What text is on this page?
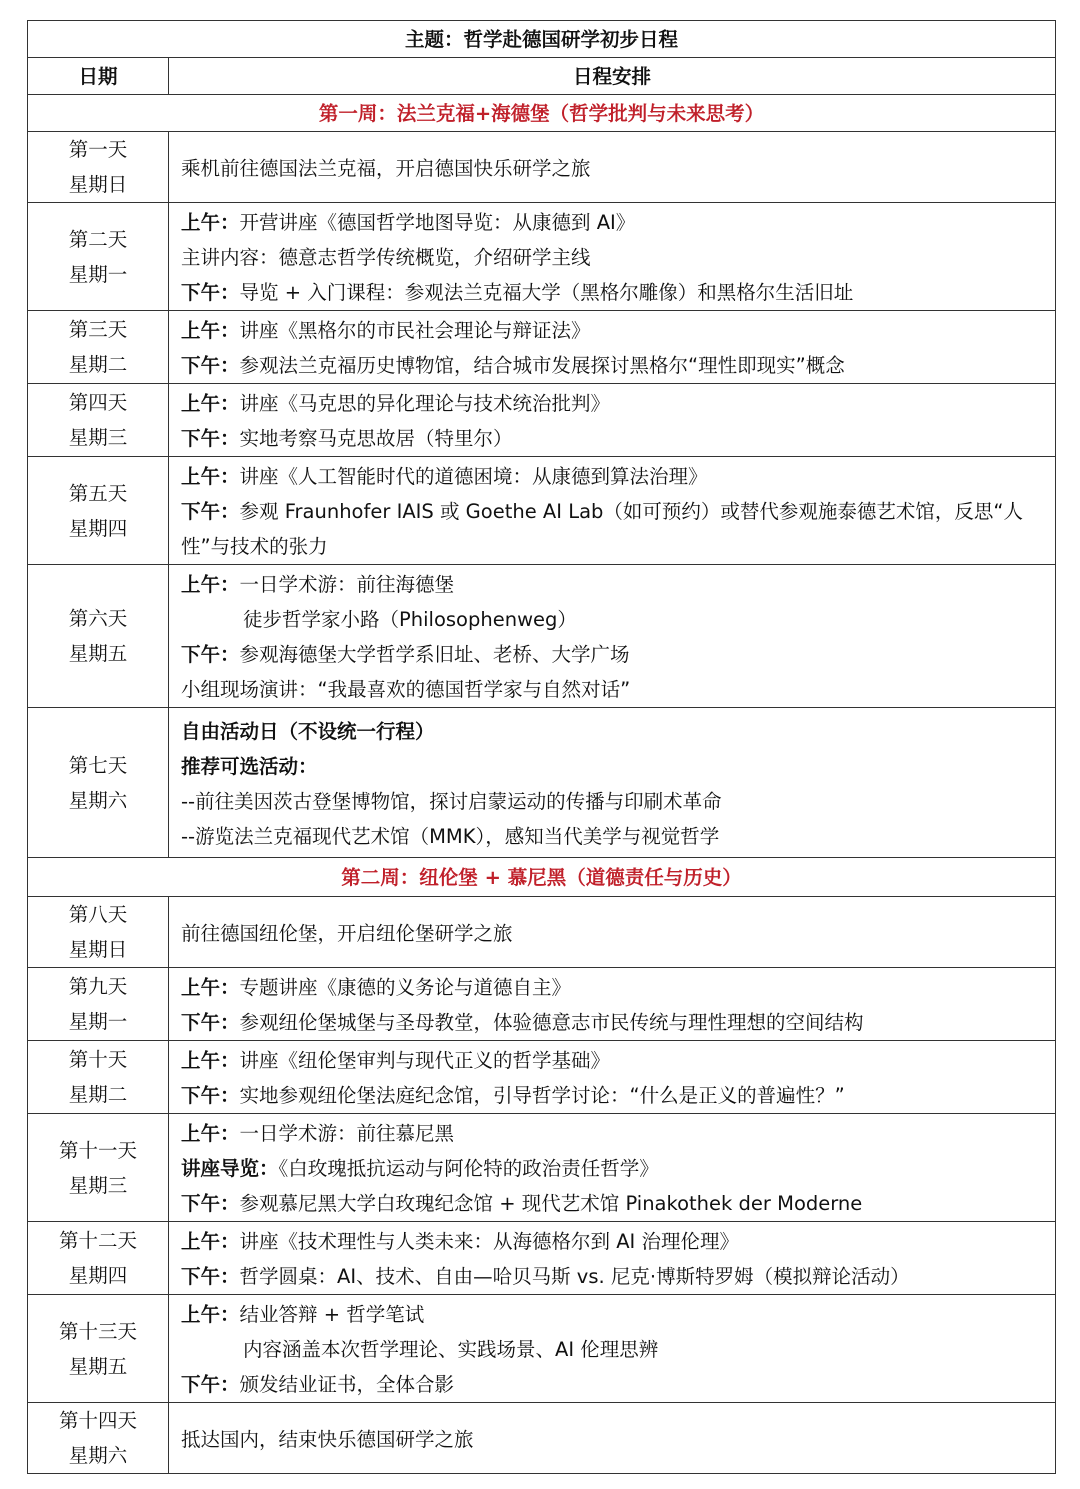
主题：哲学赴德国研学初步日程	
日期	日程安排
第一周：法兰克福+海德堡（哲学批判与未来思考）	

第一天
星期日	乘机前往德国法兰克福，开启德国快乐研学之旅

第二天
星期一	上午：开营讲座《德国哲学地图导览：从康德到 AI》
主讲内容：德意志哲学传统概览，介绍研学主线
下午：导览 + 入门课程：参观法兰克福大学（黑格尔雕像）和黑格尔生活旧址

第三天
星期二	上午：讲座《黑格尔的市民社会理论与辩证法》
下午：参观法兰克福历史博物馆，结合城市发展探讨黑格尔“理性即现实”概念

第四天
星期三	上午：讲座《马克思的异化理论与技术统治批判》
下午：实地考察马克思故居（特里尔）

第五天
星期四	上午：讲座《人工智能时代的道德困境：从康德到算法治理》
下午：参观 Fraunhofer IAIS 或 Goethe AI Lab（如可预约）或替代参观施泰德艺术馆，反思“人性”与技术的张力

第六天
星期五	上午：一日学术游：前往海德堡
徒步哲学家小路（Philosophenweg）
下午：参观海德堡大学哲学系旧址、老桥、大学广场
小组现场演讲：“我最喜欢的德国哲学家与自然对话”

第七天
星期六	自由活动日（不设统一行程）
推荐可选活动：
--前往美因茨古登堡博物馆，探讨启蒙运动的传播与印刷术革命
--游览法兰克福现代艺术馆（MMK），感知当代美学与视觉哲学

第二周：纽伦堡 + 慕尼黑（道德责任与历史）	

第八天
星期日	前往德国纽伦堡，开启纽伦堡研学之旅

第九天
星期一	上午：专题讲座《康德的义务论与道德自主》
下午：参观纽伦堡城堡与圣母教堂，体验德意志市民传统与理性理想的空间结构

第十天
星期二	上午：讲座《纽伦堡审判与现代正义的哲学基础》
下午：实地参观纽伦堡法庭纪念馆，引导哲学讨论：“什么是正义的普遍性？”

第十一天
星期三	上午：一日学术游：前往慕尼黑
讲座导览：《白玫瑰抵抗运动与阿伦特的政治责任哲学》
下午：参观慕尼黑大学白玫瑰纪念馆 + 现代艺术馆 Pinakothek der Moderne

第十二天
星期四	上午：讲座《技术理性与人类未来：从海德格尔到 AI 治理伦理》
下午：哲学圆桌：AI、技术、自由—哈贝马斯 vs. 尼克·博斯特罗姆（模拟辩论活动）

第十三天
星期五	上午：结业答辩 + 哲学笔试
内容涵盖本次哲学理论、实践场景、AI 伦理思辨
下午：颁发结业证书，全体合影

第十四天
星期六	抵达国内，结束快乐德国研学之旅
